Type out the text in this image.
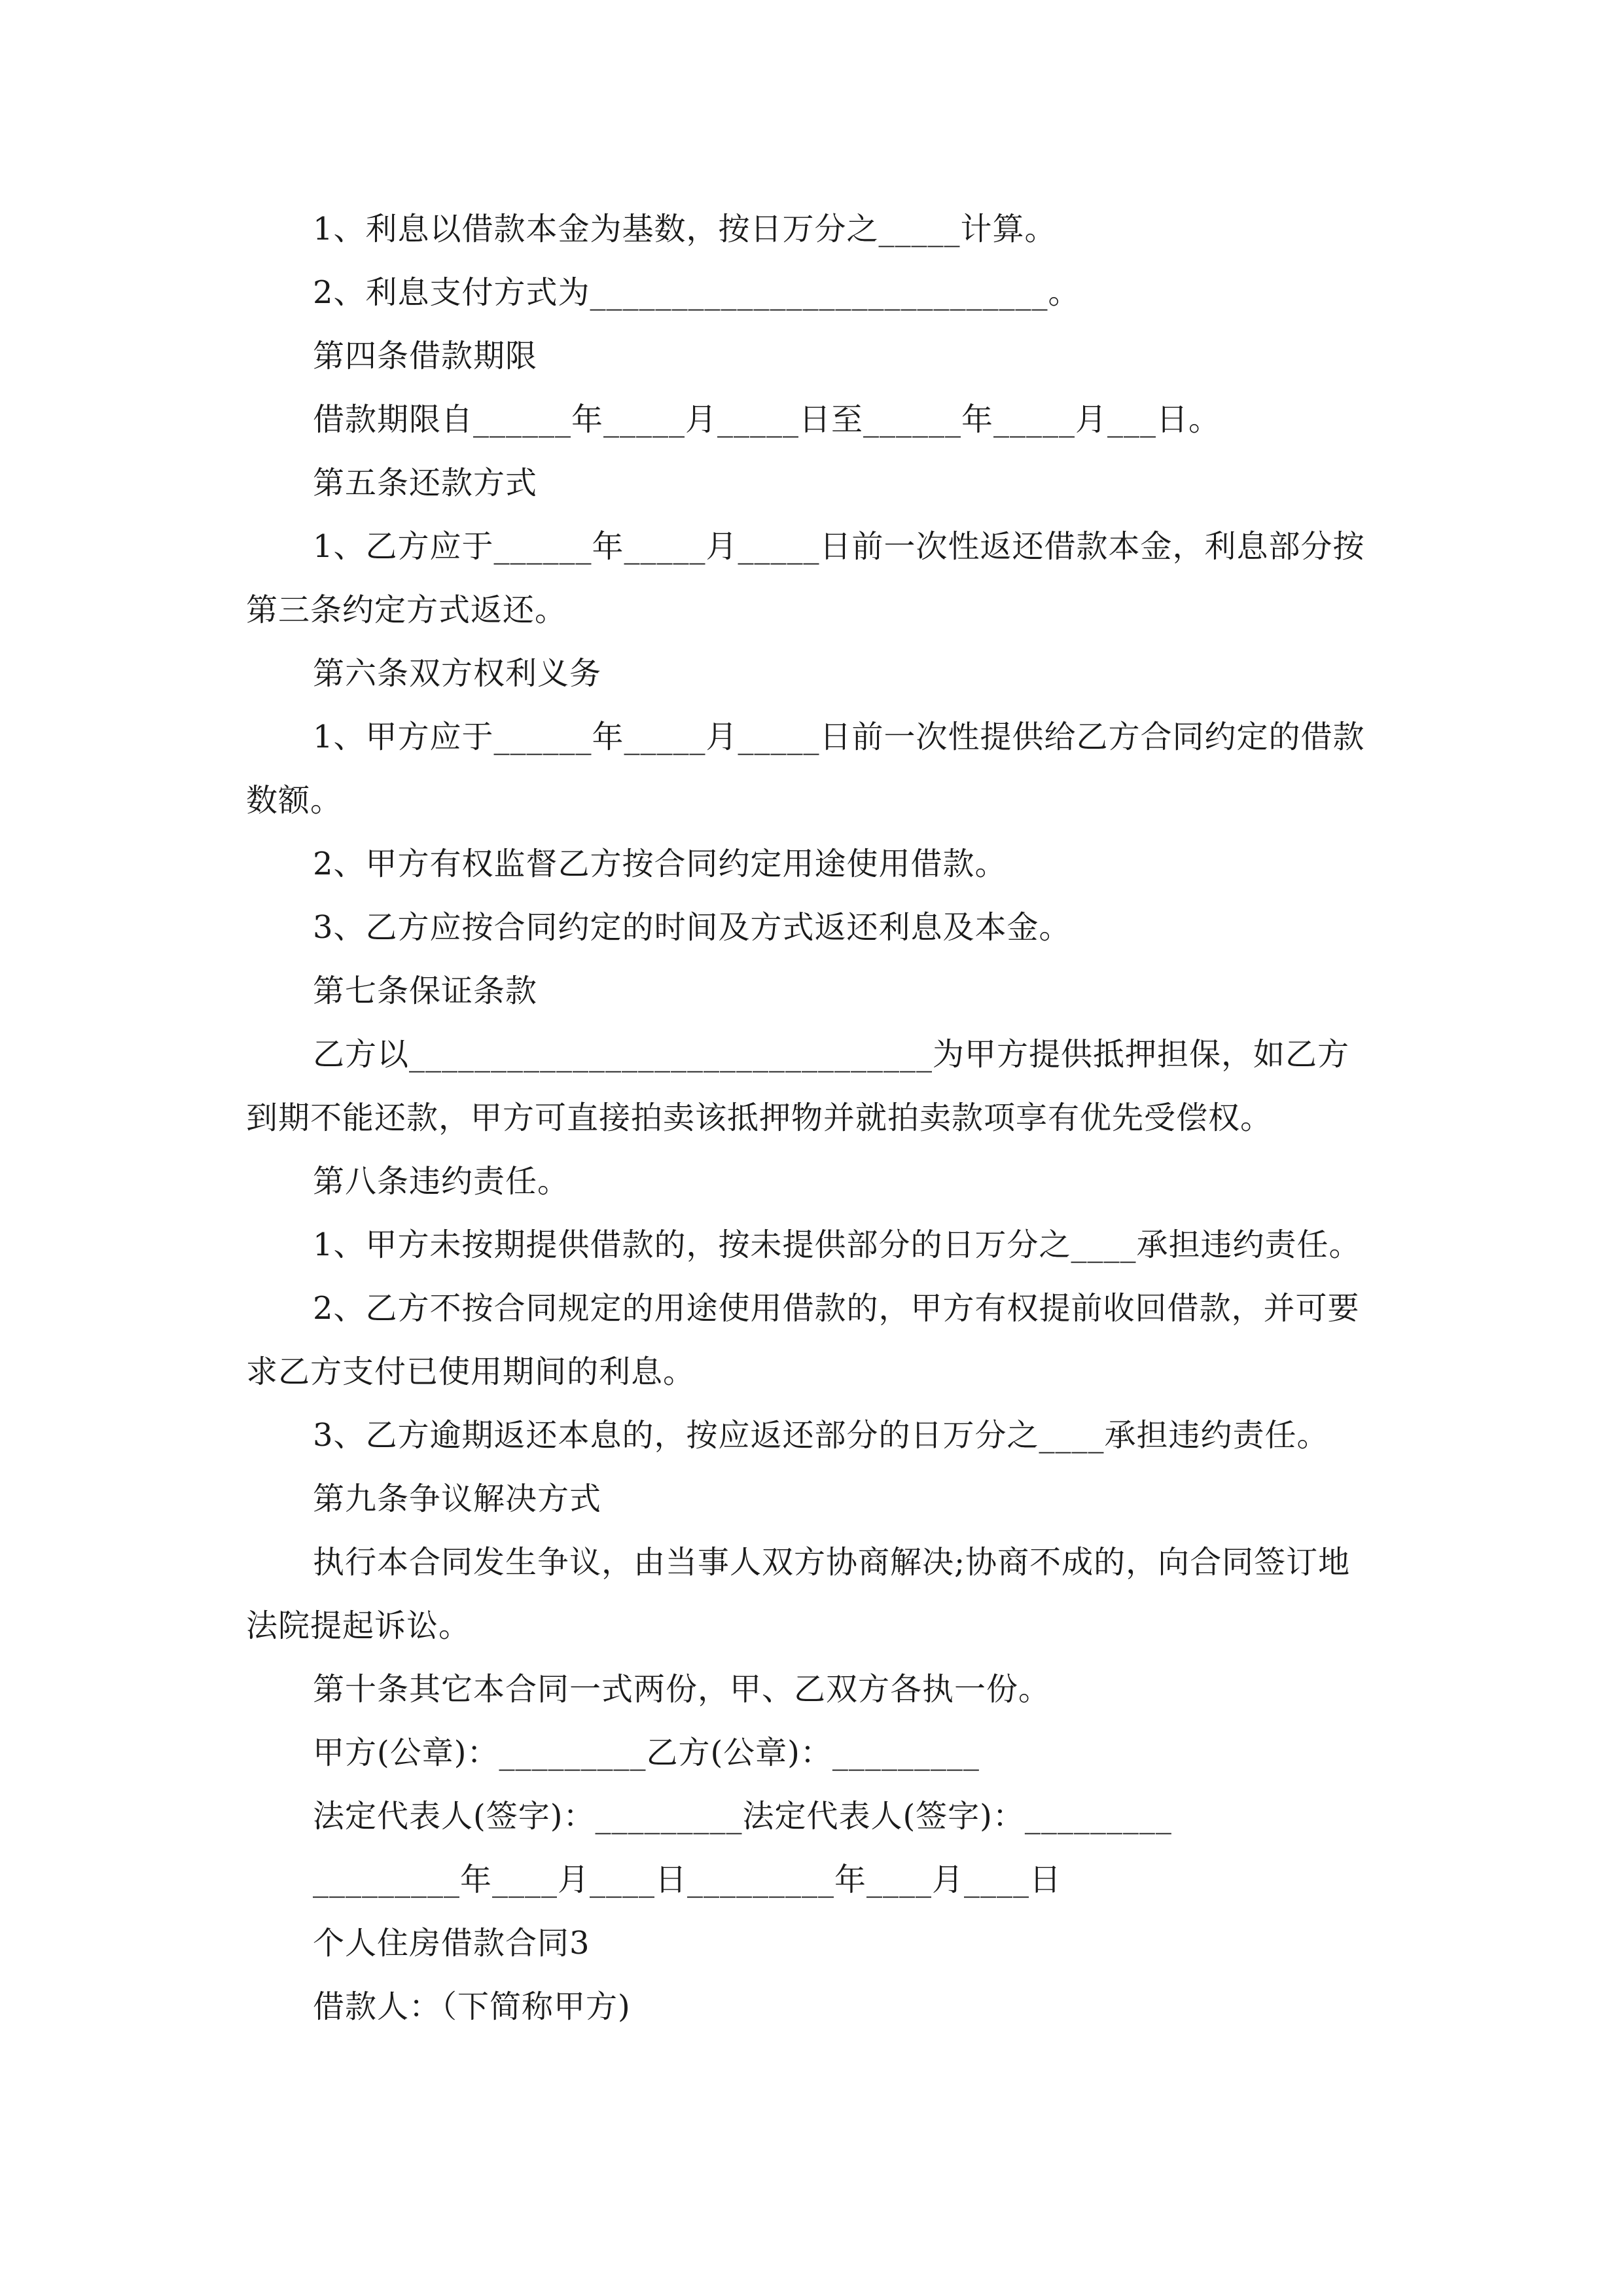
1、利息以借款本金为基数，按日万分之_____计算。

2、利息支付方式为____________________________。

第四条借款期限

借款期限自______年_____月_____日至______年_____月___日。

第五条还款方式

1、乙方应于______年_____月_____日前一次性返还借款本金，利息部分按

第三条约定方式返还。

第六条双方权利义务

1、甲方应于______年_____月_____日前一次性提供给乙方合同约定的借款

数额。

2、甲方有权监督乙方按合同约定用途使用借款。

3、乙方应按合同约定的时间及方式返还利息及本金。

第七条保证条款

乙方以________________________________为甲方提供抵押担保，如乙方

到期不能还款，甲方可直接拍卖该抵押物并就拍卖款项享有优先受偿权。

第八条违约责任。

1、甲方未按期提供借款的，按未提供部分的日万分之____承担违约责任。

2、乙方不按合同规定的用途使用借款的，甲方有权提前收回借款，并可要

求乙方支付已使用期间的利息。

3、乙方逾期返还本息的，按应返还部分的日万分之____承担违约责任。

第九条争议解决方式

执行本合同发生争议，由当事人双方协商解决;协商不成的，向合同签订地

法院提起诉讼。

第十条其它本合同一式两份，甲、乙双方各执一份。

甲方(公章)：_________乙方(公章)：_________

法定代表人(签字)：_________法定代表人(签字)：_________

_________年____月____日_________年____月____日

个人住房借款合同3

借款人：（下简称甲方)
